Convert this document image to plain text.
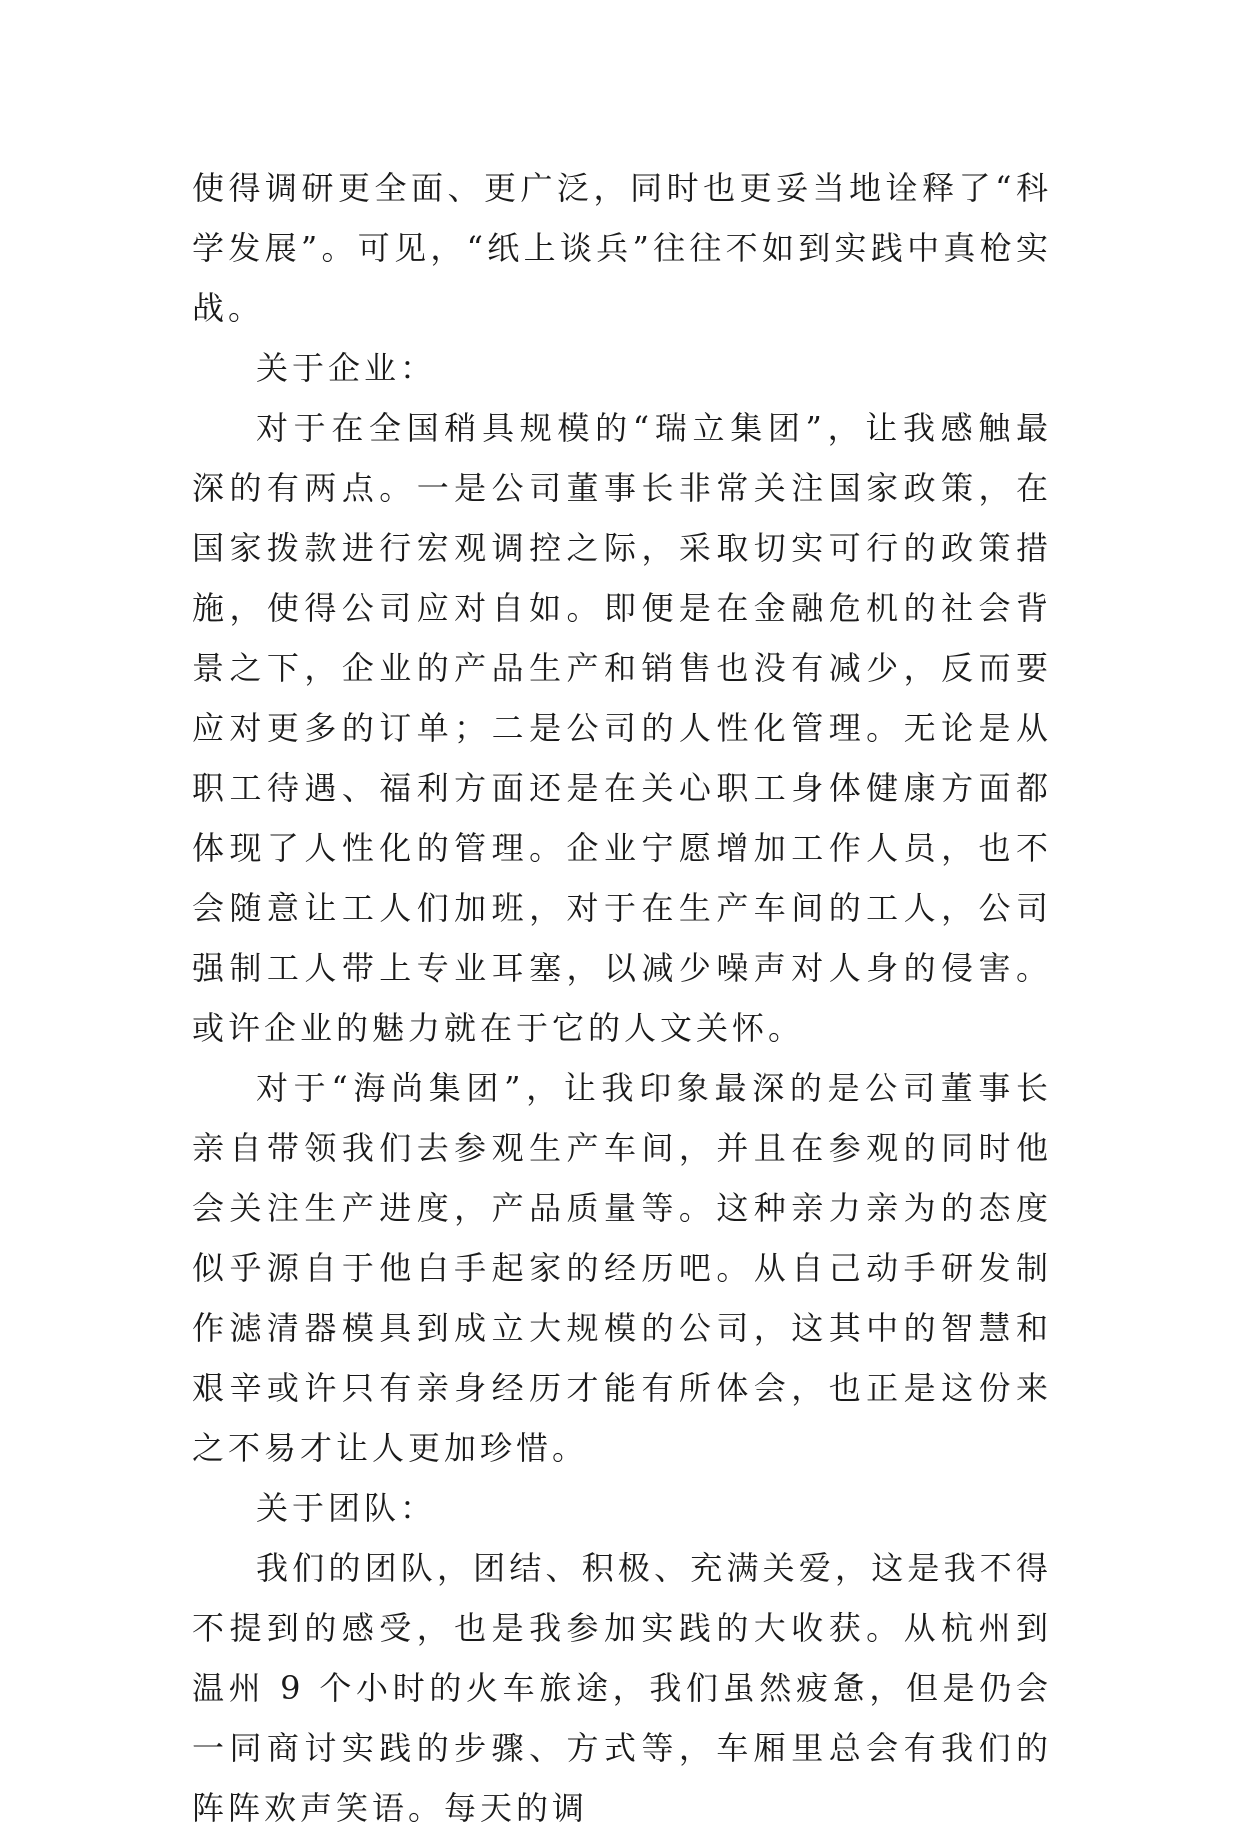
使得调研更全面、更广泛，同时也更妥当地诠释了“科学发展”。可见，“纸上谈兵”往往不如到实践中真枪实战。

关于企业：

对于在全国稍具规模的“瑞立集团”，让我感触最深的有两点。一是公司董事长非常关注国家政策，在国家拨款进行宏观调控之际，采取切实可行的政策措施，使得公司应对自如。即便是在金融危机的社会背景之下，企业的产品生产和销售也没有减少，反而要应对更多的订单；二是公司的人性化管理。无论是从职工待遇、福利方面还是在关心职工身体健康方面都体现了人性化的管理。企业宁愿增加工作人员，也不会随意让工人们加班，对于在生产车间的工人，公司强制工人带上专业耳塞，以减少噪声对人身的侵害。或许企业的魅力就在于它的人文关怀。

对于“海尚集团”，让我印象最深的是公司董事长亲自带领我们去参观生产车间，并且在参观的同时他会关注生产进度，产品质量等。这种亲力亲为的态度似乎源自于他白手起家的经历吧。从自己动手研发制作滤清器模具到成立大规模的公司，这其中的智慧和艰辛或许只有亲身经历才能有所体会，也正是这份来之不易才让人更加珍惜。

关于团队：

我们的团队，团结、积极、充满关爱，这是我不得不提到的感受，也是我参加实践的大收获。从杭州到温州 9 个小时的火车旅途，我们虽然疲惫，但是仍会一同商讨实践的步骤、方式等，车厢里总会有我们的阵阵欢声笑语。每天的调
